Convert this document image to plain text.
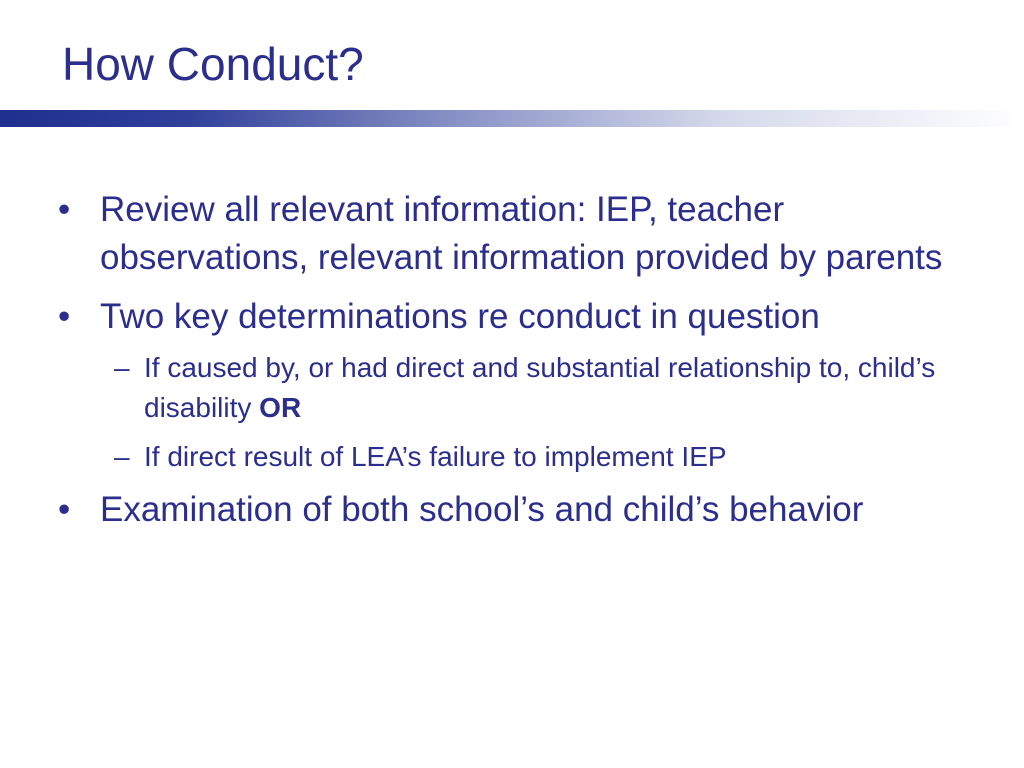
How Conduct?
• Review all relevant information: IEP, teacher observations, relevant information provided by parents
• Two key determinations re conduct in question
– If caused by, or had direct and substantial relationship to, child’s disability OR
– If direct result of LEA’s failure to implement IEP
• Examination of both school’s and child’s behavior
